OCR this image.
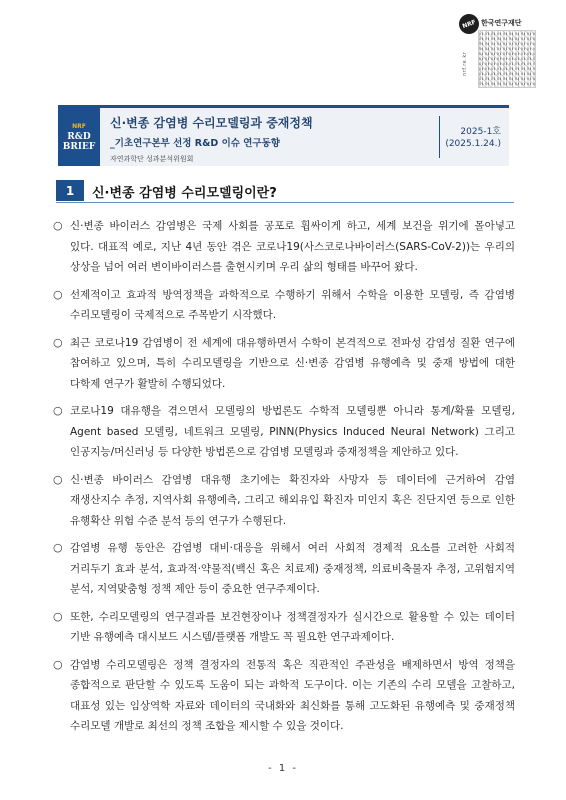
NRF 한국연구재단
nrf.re.kr
NRF
R&D
BRIEF
신·변종 감염병 수리모델링과 중재정책
_기초연구본부 선정 R&D 이슈 연구동향
자연과학단 성과분석위원회
2025-1호
(2025.1.24.)
1	신·변종 감염병 수리모델링이란?

○ 신·변종 바이러스 감염병은 국제 사회를 공포로 휩싸이게 하고, 세계 보건을 위기에 몰아넣고 있다. 대표적 예로, 지난 4년 동안 겪은 코로나19(사스코로나바이러스(SARS-CoV-2))는 우리의 상상을 넘어 여러 변이바이러스를 출현시키며 우리 삶의 형태를 바꾸어 왔다.

○ 선제적이고 효과적 방역정책을 과학적으로 수행하기 위해서 수학을 이용한 모델링, 즉 감염병 수리모델링이 국제적으로 주목받기 시작했다.

○ 최근 코로나19 감염병이 전 세계에 대유행하면서 수학이 본격적으로 전파성 감염성 질환 연구에 참여하고 있으며, 특히 수리모델링을 기반으로 신·변종 감염병 유행예측 및 중재 방법에 대한 다학제 연구가 활발히 수행되었다.

○ 코로나19 대유행을 겪으면서 모델링의 방법론도 수학적 모델링뿐 아니라 통계/확률 모델링, Agent based 모델링, 네트워크 모델링, PINN(Physics Induced Neural Network) 그리고 인공지능/머신러닝 등 다양한 방법론으로 감염병 모델링과 중재정책을 제안하고 있다.

○ 신·변종 바이러스 감염병 대유행 초기에는 확진자와 사망자 등 데이터에 근거하여 감염 재생산지수 추정, 지역사회 유행예측, 그리고 해외유입 확진자 미인지 혹은 진단지연 등으로 인한 유행확산 위험 수준 분석 등의 연구가 수행된다.

○ 감염병 유행 동안은 감염병 대비·대응을 위해서 여러 사회적 경제적 요소를 고려한 사회적 거리두기 효과 분석, 효과적·약물적(백신 혹은 치료제) 중재정책, 의료비축물자 추정, 고위험지역 분석, 지역맞춤형 정책 제안 등이 중요한 연구주제이다.

○ 또한, 수리모델링의 연구결과를 보건현장이나 정책결정자가 실시간으로 활용할 수 있는 데이터 기반 유행예측 대시보드 시스템/플랫폼 개발도 꼭 필요한 연구과제이다.

○ 감염병 수리모델링은 정책 결정자의 전통적 혹은 직관적인 주관성을 배제하면서 방역 정책을 종합적으로 판단할 수 있도록 도움이 되는 과학적 도구이다. 이는 기존의 수리 모델을 고찰하고, 대표성 있는 임상역학 자료와 데이터의 국내화와 최신화를 통해 고도화된 유행예측 및 중재정책 수리모델 개발로 최선의 정책 조합을 제시할 수 있을 것이다.

- 1 -
